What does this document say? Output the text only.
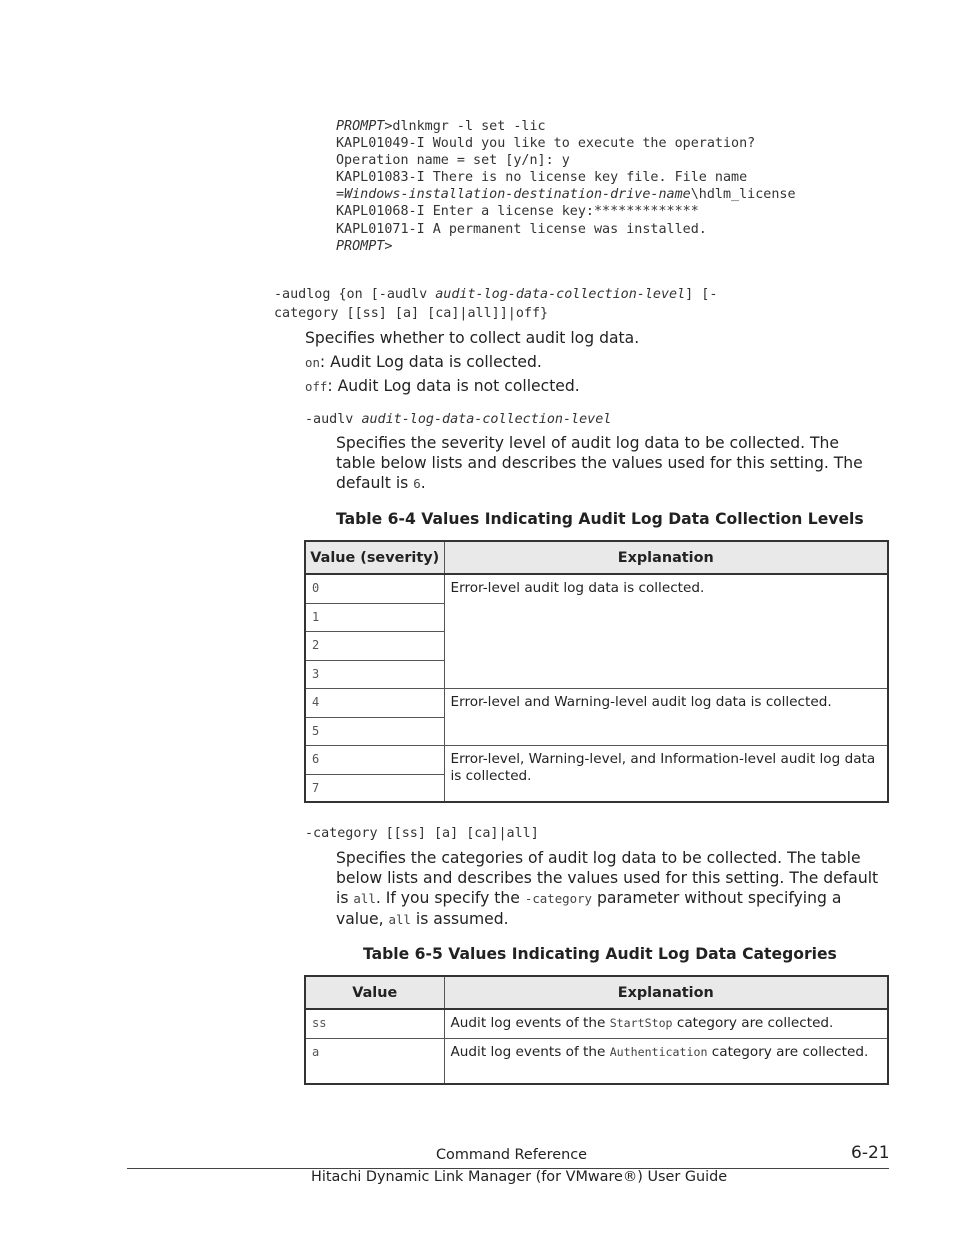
PROMPT>dlnkmgr -l set -lic
KAPL01049-I Would you like to execute the operation?
Operation name = set [y/n]: y
KAPL01083-I There is no license key file. File name
=Windows-installation-destination-drive-name\hdlm_license
KAPL01068-I Enter a license key:*************
KAPL01071-I A permanent license was installed.
PROMPT>
-audlog {on [-audlv audit-log-data-collection-level] [-
category [[ss] [a] [ca]|all]]|off}
Specifies whether to collect audit log data.
on: Audit Log data is collected.
off: Audit Log data is not collected.
-audlv audit-log-data-collection-level
Specifies the severity level of audit log data to be collected. The table below lists and describes the values used for this setting. The default is 6.
Table 6-4 Values Indicating Audit Log Data Collection Levels
Value (severity)	Explanation
0	Error-level audit log data is collected.
1	
2	
3	
4	Error-level and Warning-level audit log data is collected.
5	
6	Error-level, Warning-level, and Information-level audit log data is collected.
7	
-category [[ss] [a] [ca]|all]
Specifies the categories of audit log data to be collected. The table below lists and describes the values used for this setting. The default is all. If you specify the -category parameter without specifying a value, all is assumed.
Table 6-5 Values Indicating Audit Log Data Categories
Value	Explanation
ss	Audit log events of the StartStop category are collected.
a	Audit log events of the Authentication category are collected.
Command Reference	6-21
Hitachi Dynamic Link Manager (for VMware®) User Guide
